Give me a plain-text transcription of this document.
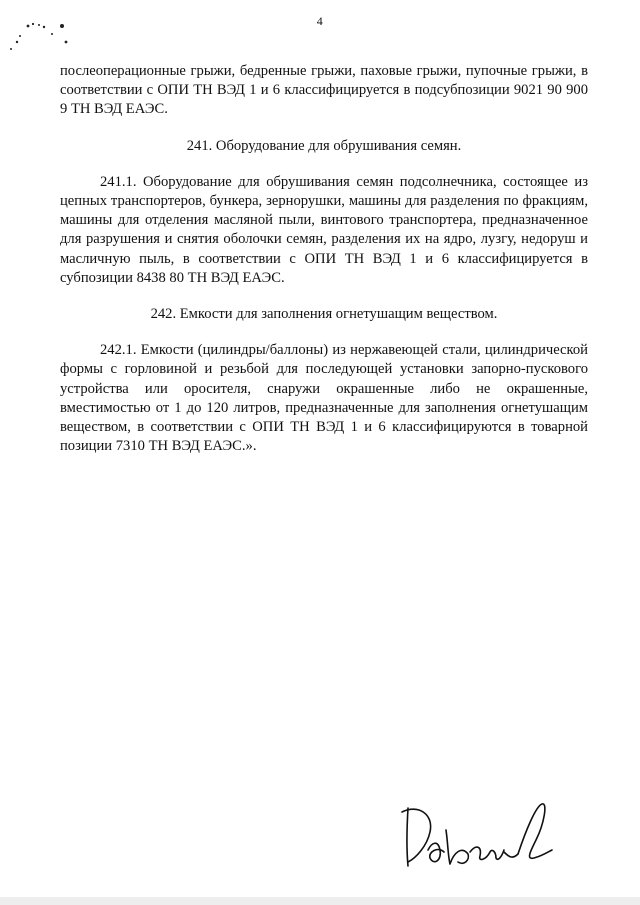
4

послеоперационные грыжи, бедренные грыжи, паховые грыжи, пупочные грыжи, в соответствии с ОПИ ТН ВЭД 1 и 6 классифицируется в подсубпозиции 9021 90 900 9 ТН ВЭД ЕАЭС.

241. Оборудование для обрушивания семян.

241.1. Оборудование для обрушивания семян подсолнечника, состоящее из цепных транспортеров, бункера, зернорушки, машины для разделения по фракциям, машины для отделения масляной пыли, винтового транспортера, предназначенное для разрушения и снятия оболочки семян, разделения их на ядро, лузгу, недоруш и масличную пыль, в соответствии с ОПИ ТН ВЭД 1 и 6 классифицируется в субпозиции 8438 80 ТН ВЭД ЕАЭС.

242. Емкости для заполнения огнетушащим веществом.

242.1. Емкости (цилиндры/баллоны) из нержавеющей стали, цилиндрической формы с горловиной и резьбой для последующей установки запорно-пускового устройства или оросителя, снаружи окрашенные либо не окрашенные, вместимостью от 1 до 120 литров, предназначенные для заполнения огнетушащим веществом, в соответствии с ОПИ ТН ВЭД 1 и 6 классифицируются в товарной позиции 7310 ТН ВЭД ЕАЭС.».
